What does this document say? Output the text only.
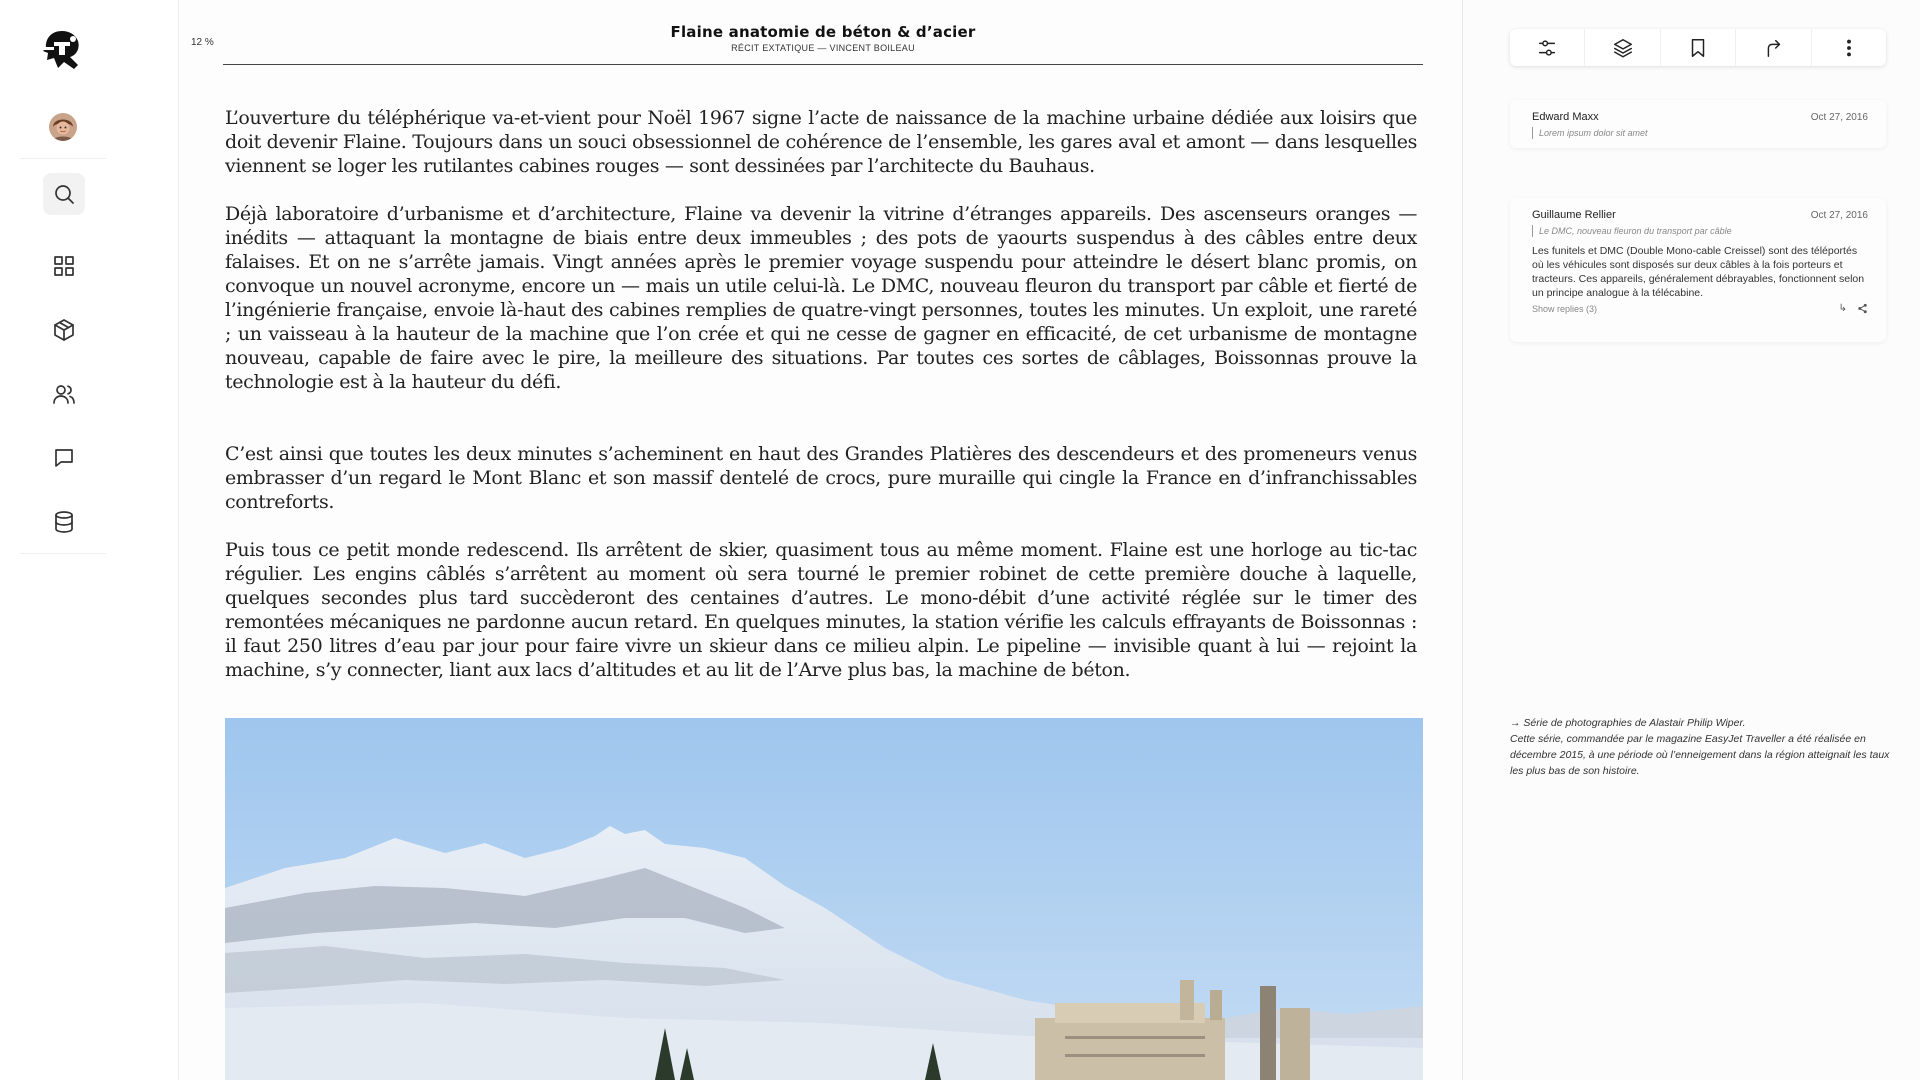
12 %
Flaine anatomie de béton & d’acier
RÉCIT EXTATIQUE — VINCENT BOILEAU

L’ouverture du téléphérique va-et-vient pour Noël 1967 signe l’acte de naissance de la machine urbaine dédiée aux loisirs que doit devenir Flaine. Toujours dans un souci obsessionnel de cohérence de l’ensemble, les gares aval et amont — dans lesquelles viennent se loger les rutilantes cabines rouges — sont dessinées par l’architecte du Bauhaus.

Déjà laboratoire d’urbanisme et d’architecture, Flaine va devenir la vitrine d’étranges appareils. Des ascenseurs oranges — inédits — attaquant la montagne de biais entre deux immeubles ; des pots de yaourts suspendus à des câbles entre deux falaises. Et on ne s’arrête jamais. Vingt années après le premier voyage suspendu pour atteindre le désert blanc promis, on convoque un nouvel acronyme, encore un — mais un utile celui-là. Le DMC, nouveau fleuron du transport par câble et fierté de l’ingénierie française, envoie là-haut des cabines remplies de quatre-vingt personnes, toutes les minutes. Un exploit, une rareté ; un vaisseau à la hauteur de la machine que l’on crée et qui ne cesse de gagner en efficacité, de cet urbanisme de montagne nouveau, capable de faire avec le pire, la meilleure des situations. Par toutes ces sortes de câblages, Boissonnas prouve la technologie est à la hauteur du défi.

C’est ainsi que toutes les deux minutes s’acheminent en haut des Grandes Platières des descendeurs et des promeneurs venus embrasser d’un regard le Mont Blanc et son massif dentelé de crocs, pure muraille qui cingle la France en d’infranchissables contreforts.

Puis tous ce petit monde redescend. Ils arrêtent de skier, quasiment tous au même moment. Flaine est une horloge au tic-tac régulier. Les engins câblés s’arrêtent au moment où sera tourné le premier robinet de cette première douche à laquelle, quelques secondes plus tard succèderont des centaines d’autres. Le mono-débit d’une activité réglée sur le timer des remontées mécaniques ne pardonne aucun retard. En quelques minutes, la station vérifie les calculs effrayants de Boissonnas : il faut 250 litres d’eau par jour pour faire vivre un skieur dans ce milieu alpin. Le pipeline — invisible quant à lui — rejoint la machine, s’y connecter, liant aux lacs d’altitudes et au lit de l’Arve plus bas, la machine de béton.

Edward Maxx	Oct 27, 2016
Lorem ipsum dolor sit amet
Guillaume Rellier	Oct 27, 2016
Le DMC, nouveau fleuron du transport par câble
Les funitels et DMC (Double Mono-cable Creissel) sont des téléportés où les véhicules sont disposés sur deux câbles à la fois porteurs et tracteurs. Ces appareils, généralement débrayables, fonctionnent selon un principe analogue à la télécabine.
Show replies (3)	↳
→ Série de photographies de Alastair Philip Wiper.
Cette série, commandée par le magazine EasyJet Traveller a été réalisée en décembre 2015, à une période où l’enneigement dans la région atteignait les taux les plus bas de son histoire.
